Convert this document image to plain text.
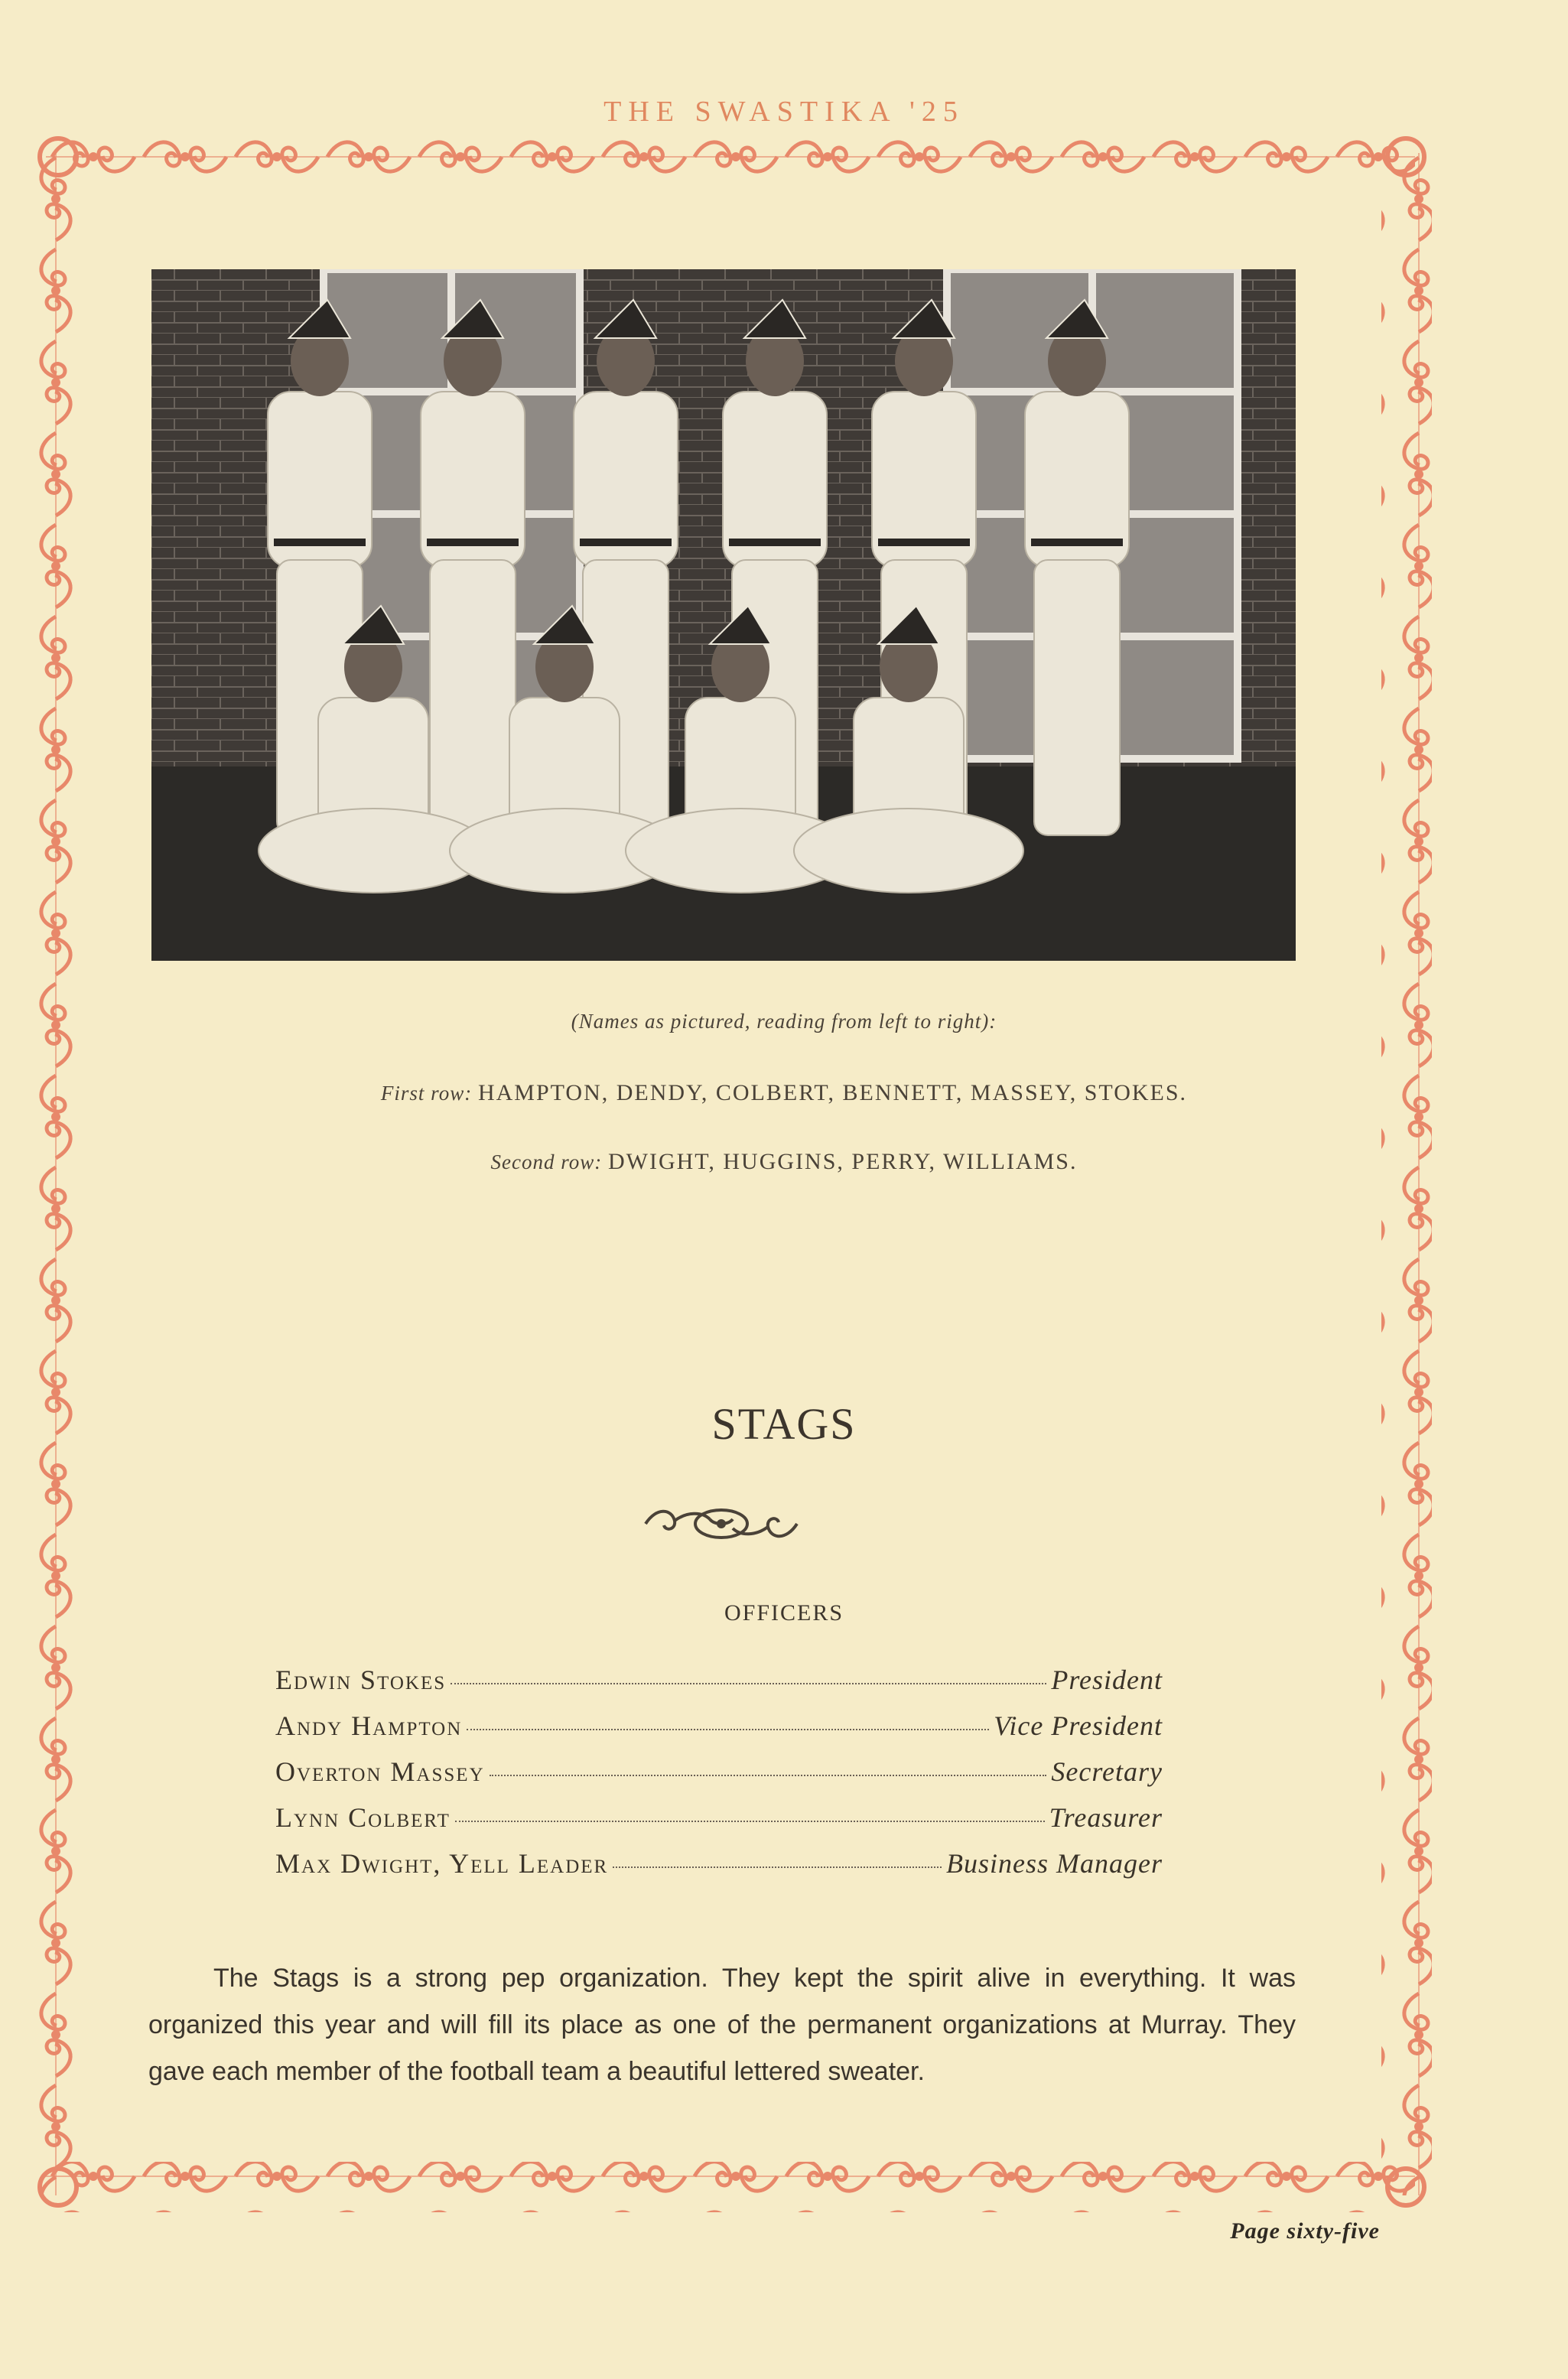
THE SWASTIKA '25
(Names as pictured, reading from left to right):
First row: HAMPTON, DENDY, COLBERT, BENNETT, MASSEY, STOKES.
Second row: DWIGHT, HUGGINS, PERRY, WILLIAMS.
STAGS
OFFICERS
Edwin Stokes	President
Andy Hampton	Vice President
Overton Massey	Secretary
Lynn Colbert	Treasurer
Max Dwight, Yell Leader	Business Manager
The Stags is a strong pep organization. They kept the spirit alive in everything. It was organized this year and will fill its place as one of the permanent organizations at Murray. They gave each member of the football team a beautiful lettered sweater.
Page sixty-five
